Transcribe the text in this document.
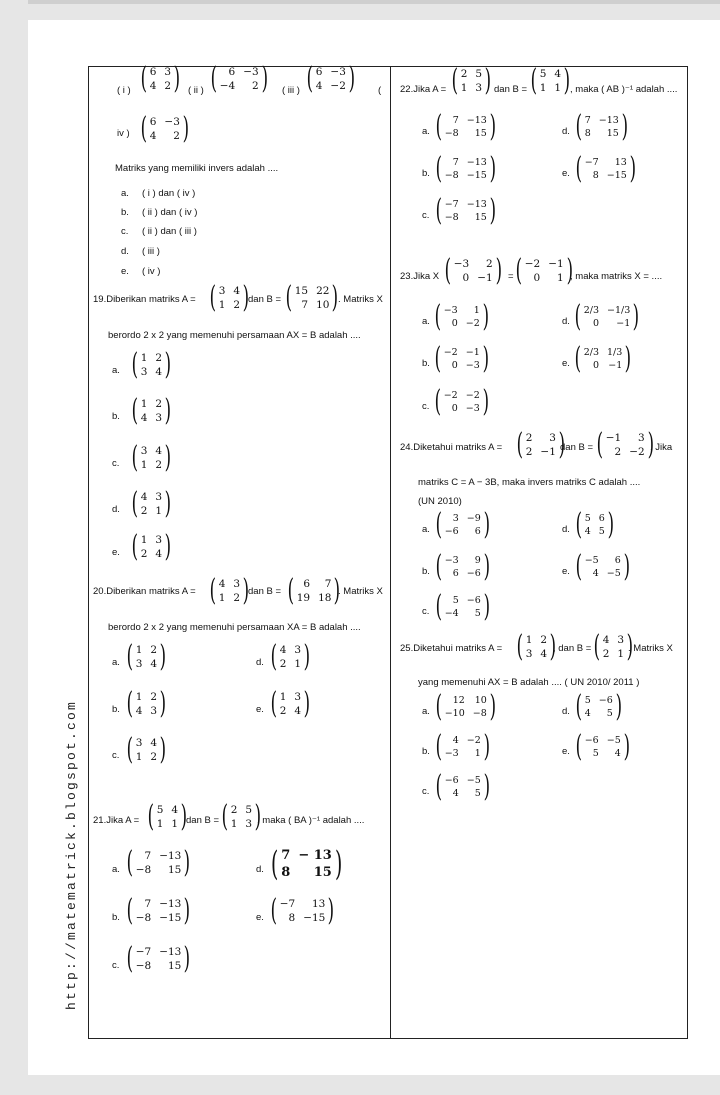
http://matematrick.blogspot.com
( i ) ( 6 3
4 2 ) ( ii ) (	6 −3
−4	2 ) ( iii ) ( 6 −3
4 −2 ) (
iv ) ( 6 −3
4	2 )
Matriks yang memiliki invers adalah ....
a. ( i ) dan ( iv )
b. ( ii ) dan ( iv )
c. ( ii ) dan ( iii )
d. ( iii )
e. ( iv )
19.Diberikan matriks A = ( 3 4
1 2 )
dan B = ( 15 22
7 10 ) . Matriks X
berordo 2 x 2 yang memenuhi persamaan AX = B adalah ....
a. ( 1 2
3 4 )
b. ( 1 2
4 3 )
c. ( 3 4
1 2 )
d. ( 4 3
2 1 )
e. ( 1 3
2 4 )
20.Diberikan matriks A = ( 4 3
1 2 )
dan B = ( 6	7
19 18 )
. Matriks X
berordo 2 x 2 yang memenuhi persamaan XA = B adalah ....
a. ( 1 2
3 4 )	d. ( 4 3
2 1 )
b. ( 1 2
4 3 )	e. ( 1 3
2 4 )
c. ( 3 4
1 2 )
21.Jika A = ( 5 4
1 1 )
dan B = ( 2 5
1 3 )
, maka ( BA )⁻¹ adalah ....
a. (	7 −13
−8	15 )	d. ( 7 − 13
8	15 )
b. (	7 −13
−8 −15 )	e. ( −7	13
8 −15 )
c. ( −7 −13
−8	15 )
22.Jika A = ( 2 5
1 3 ) dan B = ( 5 4
1 1 ) , maka ( AB )⁻¹ adalah ....
a. (	7 −13
−8	15 )	d. ( 7 −13
8	15 )
b. (	7 −13
−8 −15 )	e. ( −7	13
8 −15 )
c. ( −7 −13
−8	15 )
23.Jika X ( −3	2
0 −1 ) = ( −2 −1
0	1 )
, maka matriks X = ....
a. ( −3	1
0 −2 )	d. ( 2/3 −1/3
0	−1 )
b. ( −2 −1
0 −3 )	e. ( 2/3 1/3
0 −1 )
c. ( −2 −2
0 −3 )
24.Diketahui matriks A = ( 2	3
2 −1 )
dan B = ( −1	3
2 −2 )
. Jika
matriks C = A − 3B, maka invers matriks C adalah ....
(UN 2010)
a. (	3 −9
−6	6 )	d. ( 5 6
4 5 )
b. ( −3	9
6 −6 )	e. ( −5	6
4 −5 )
c. (	5 −6
−4	5 )
25.Diketahui matriks A = ( 1 2
3 4 )
, dan B = ( 4 3
2 1 )
. Matriks X
yang memenuhi AX = B adalah .... ( UN 2010/ 2011 )
a. (	12 10
−10 −8 )	d. ( 5 −6
4	5 )
b. (	4 −2
−3	1 )	e. ( −6 −5
5	4 )
c. ( −6 −5
4	5 )
